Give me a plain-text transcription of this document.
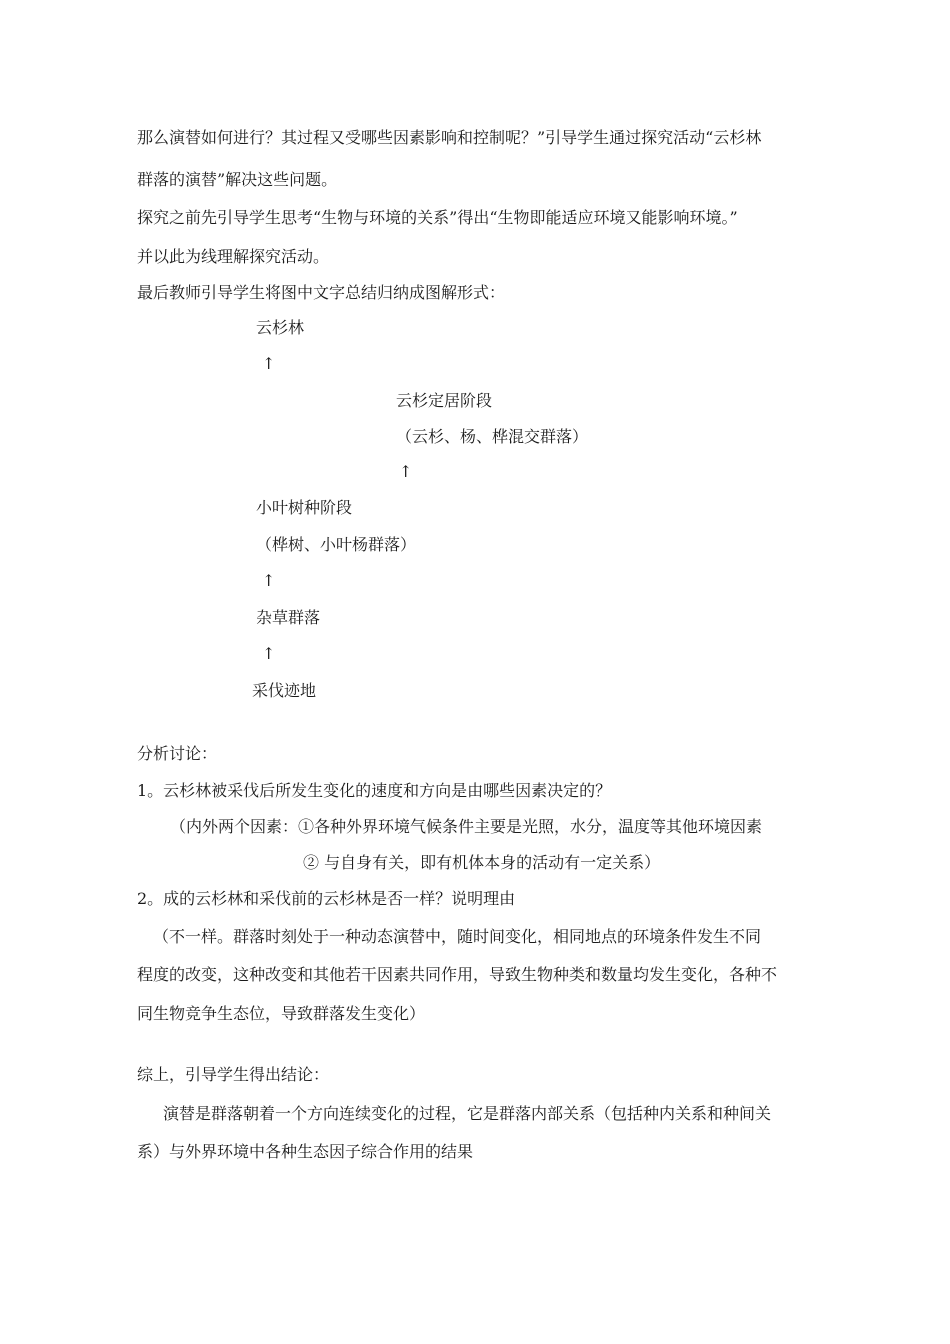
那么演替如何进行？其过程又受哪些因素影响和控制呢？”引导学生通过探究活动“云杉林
群落的演替”解决这些问题。
探究之前先引导学生思考“生物与环境的关系”得出“生物即能适应环境又能影响环境。”
并以此为线理解探究活动。
最后教师引导学生将图中文字总结归纳成图解形式：
云杉林
↑
云杉定居阶段
（云杉、杨、桦混交群落）
↑
小叶树种阶段
（桦树、小叶杨群落）
↑
杂草群落
↑
采伐迹地
分析讨论：
1。云杉林被采伐后所发生变化的速度和方向是由哪些因素决定的？
（内外两个因素：①各种外界环境气候条件主要是光照，水分，温度等其他环境因素
② 与自身有关，即有机体本身的活动有一定关系）
2。成的云杉林和采伐前的云杉林是否一样？说明理由
（不一样。群落时刻处于一种动态演替中，随时间变化，相同地点的环境条件发生不同
程度的改变，这种改变和其他若干因素共同作用，导致生物种类和数量均发生变化，各种不
同生物竞争生态位，导致群落发生变化）
综上，引导学生得出结论：
演替是群落朝着一个方向连续变化的过程，它是群落内部关系（包括种内关系和种间关
系）与外界环境中各种生态因子综合作用的结果
